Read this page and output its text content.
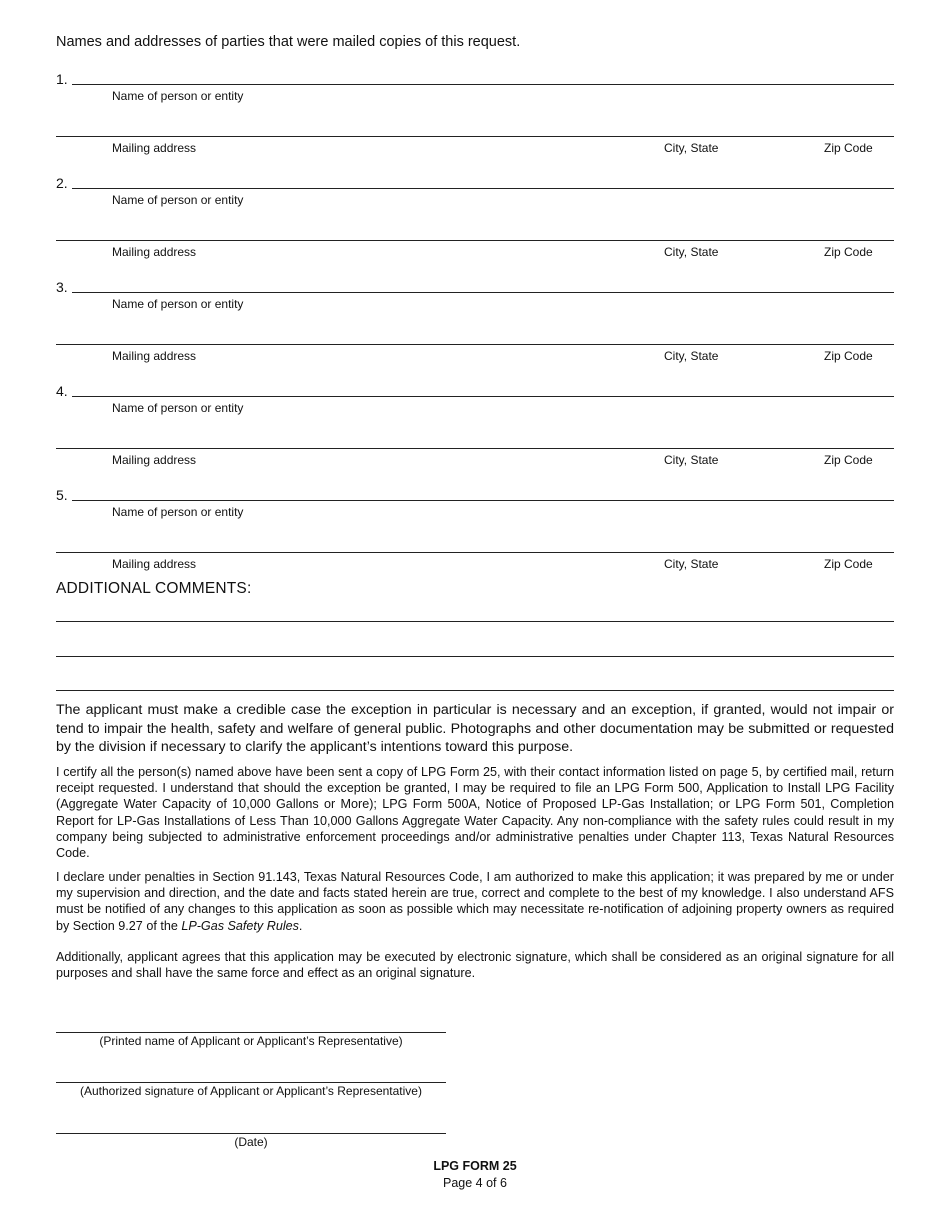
Names and addresses of parties that were mailed copies of this request.
1.
Name of person or entity
Mailing address	City, State	Zip Code
2.
Name of person or entity
Mailing address	City, State	Zip Code
3.
Name of person or entity
Mailing address	City, State	Zip Code
4.
Name of person or entity
Mailing address	City, State	Zip Code
5.
Name of person or entity
Mailing address	City, State	Zip Code
ADDITIONAL COMMENTS:

The applicant must make a credible case the exception in particular is necessary and an exception, if granted, would not impair or tend to impair the health, safety and welfare of general public. Photographs and other documentation may be submitted or requested by the division if necessary to clarify the applicant’s intentions toward this purpose.

I certify all the person(s) named above have been sent a copy of LPG Form 25, with their contact information listed on page 5, by certified mail, return receipt requested. I understand that should the exception be granted, I may be required to file an LPG Form 500, Application to Install LPG Facility (Aggregate Water Capacity of 10,000 Gallons or More); LPG Form 500A, Notice of Proposed LP-Gas Installation; or LPG Form 501, Completion Report for LP-Gas Installations of Less Than 10,000 Gallons Aggregate Water Capacity. Any non-compliance with the safety rules could result in my company being subjected to administrative enforcement proceedings and/or administrative penalties under Chapter 113, Texas Natural Resources Code.

I declare under penalties in Section 91.143, Texas Natural Resources Code, I am authorized to make this application; it was prepared by me or under my supervision and direction, and the date and facts stated herein are true, correct and complete to the best of my knowledge. I also understand AFS must be notified of any changes to this application as soon as possible which may necessitate re-notification of adjoining property owners as required by Section 9.27 of the LP-Gas Safety Rules.

Additionally, applicant agrees that this application may be executed by electronic signature, which shall be considered as an original signature for all purposes and shall have the same force and effect as an original signature.

(Printed name of Applicant or Applicant’s Representative)
(Authorized signature of Applicant or Applicant’s Representative)
(Date)
LPG FORM 25
Page 4 of 6
